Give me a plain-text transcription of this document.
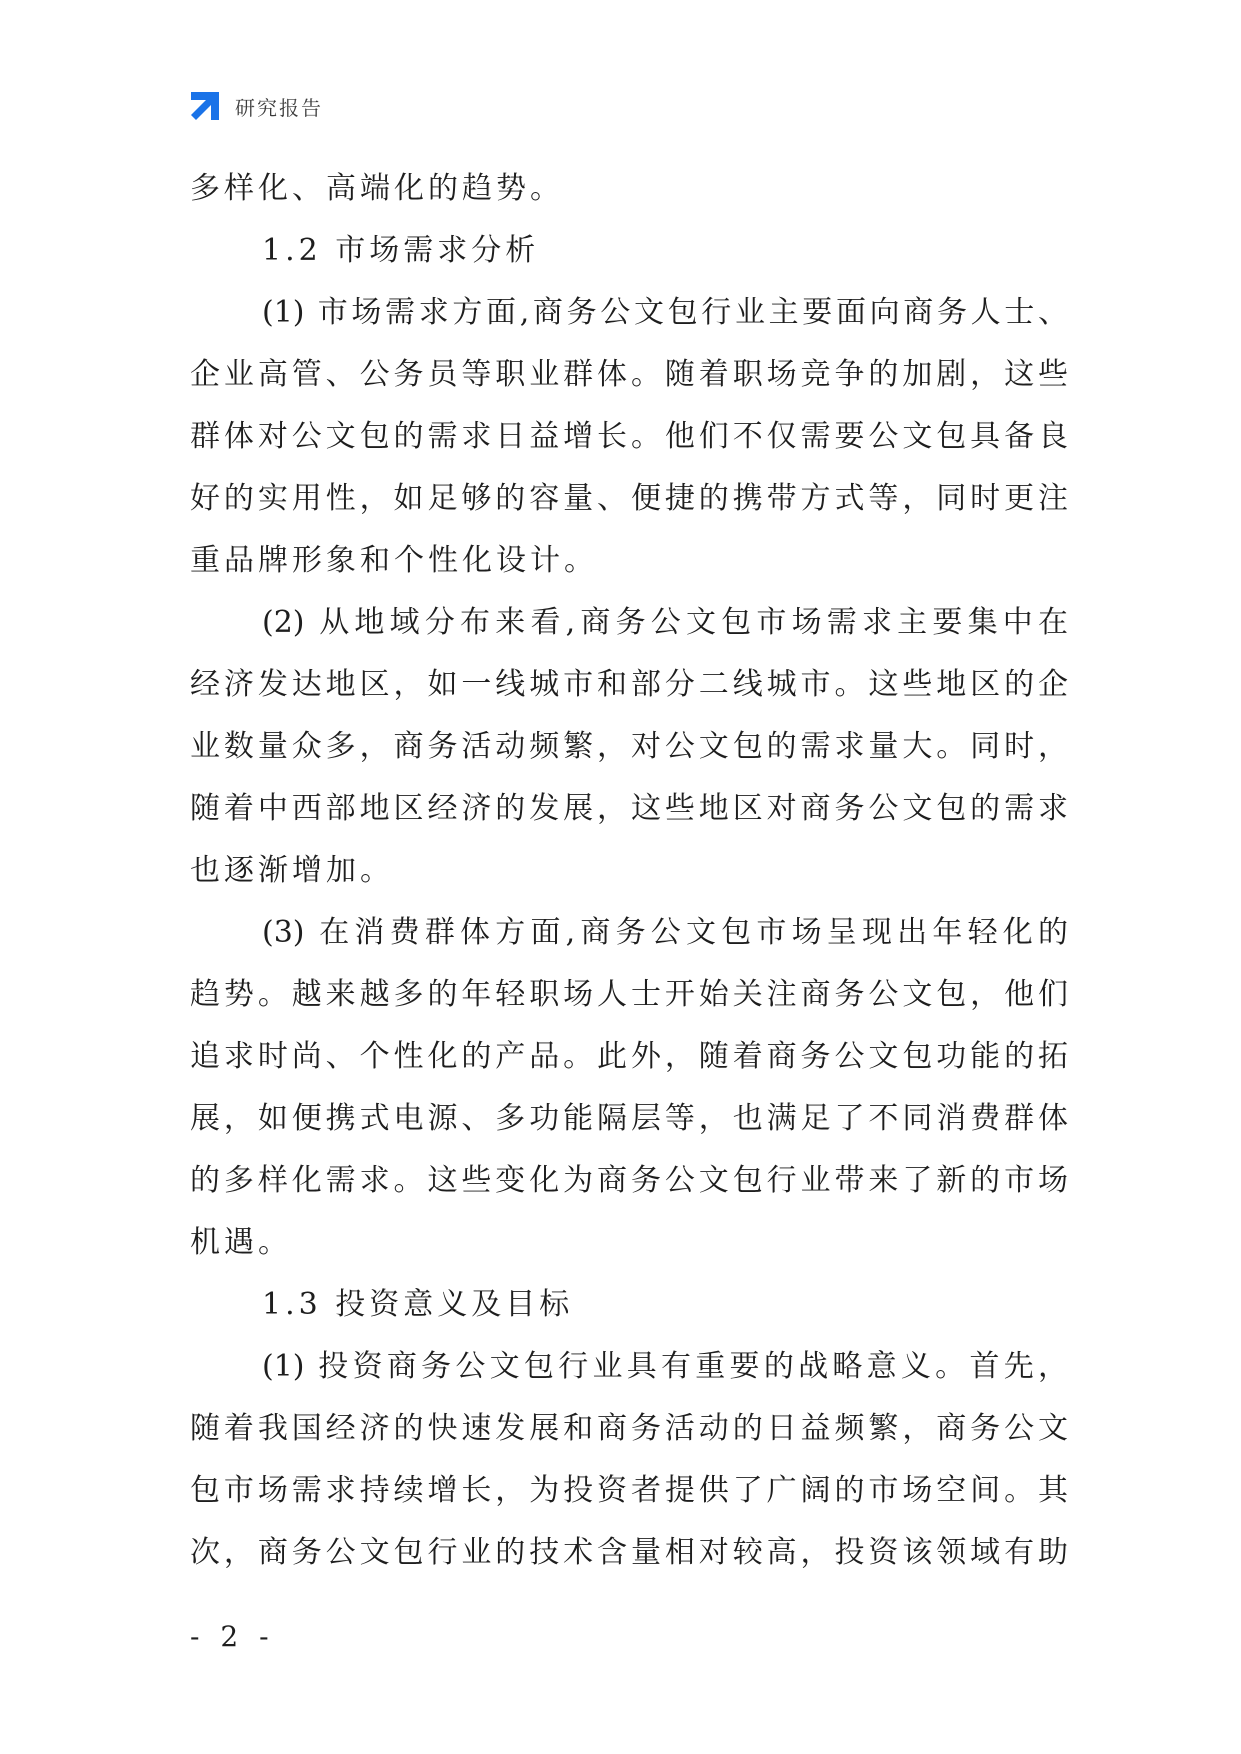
研究报告
多样化、高端化的趋势。
1.2 市场需求分析
(1) 市场需求方面,商务公文包行业主要面向商务人士、
企业高管、公务员等职业群体。随着职场竞争的加剧，这些
群体对公文包的需求日益增长。他们不仅需要公文包具备良
好的实用性，如足够的容量、便捷的携带方式等，同时更注
重品牌形象和个性化设计。
(2) 从地域分布来看,商务公文包市场需求主要集中在
经济发达地区，如一线城市和部分二线城市。这些地区的企
业数量众多，商务活动频繁，对公文包的需求量大。同时，
随着中西部地区经济的发展，这些地区对商务公文包的需求
也逐渐增加。
(3) 在消费群体方面,商务公文包市场呈现出年轻化的
趋势。越来越多的年轻职场人士开始关注商务公文包，他们
追求时尚、个性化的产品。此外，随着商务公文包功能的拓
展，如便携式电源、多功能隔层等，也满足了不同消费群体
的多样化需求。这些变化为商务公文包行业带来了新的市场
机遇。
1.3 投资意义及目标
(1) 投资商务公文包行业具有重要的战略意义。首先，
随着我国经济的快速发展和商务活动的日益频繁，商务公文
包市场需求持续增长，为投资者提供了广阔的市场空间。其
次，商务公文包行业的技术含量相对较高，投资该领域有助
- 2 -
